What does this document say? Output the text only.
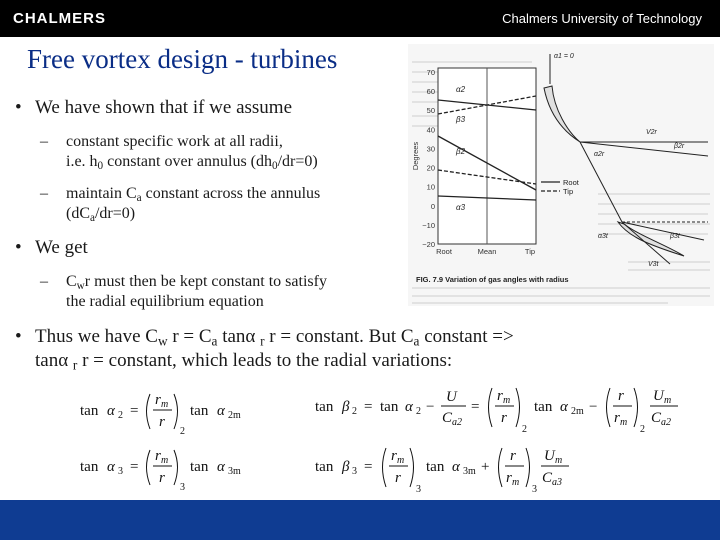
CHALMERS	Chalmers University of Technology
Free vortex design - turbines
• We have shown that if we assume
– constant specific work at all radii,
i.e. $h_0$ constant over annulus $(dh_0/dr=0)$
– maintain $C_a$ constant across the annulus
$(dC_a/dr=0)$
• We get
– $C_wr$ must then be kept constant to satisfy
the radial equilibrium equation
• Thus we have $C_w$ $r = C_a$ tanα $_r$ r = constant. But $C_a$ constant =>
tanα $_r$ r = constant, which leads to the radial variations:
70
60
50
40
30
20
10
0
−10
−20
Degrees
α2
β3
β2
α3
Root	Mean	Tip
Root
Tip
α1 = 0
V2r
β2r
α2r
α3t	β3t
V3t
FIG. 7.9 Variation of gas angles with radius
tan α 2 =
r m
r
2
tan α 2m
tan α 3 =
r m
r
3
tan α 3m
tan β 2 = tan α 2 −
U
C a2
=
r m
r
2
tan α 2m −
r
r m
2
U m
C a2
tan β 3 =
r m
r
3
tan α 3m +
r
r m
3
U m
C a3
